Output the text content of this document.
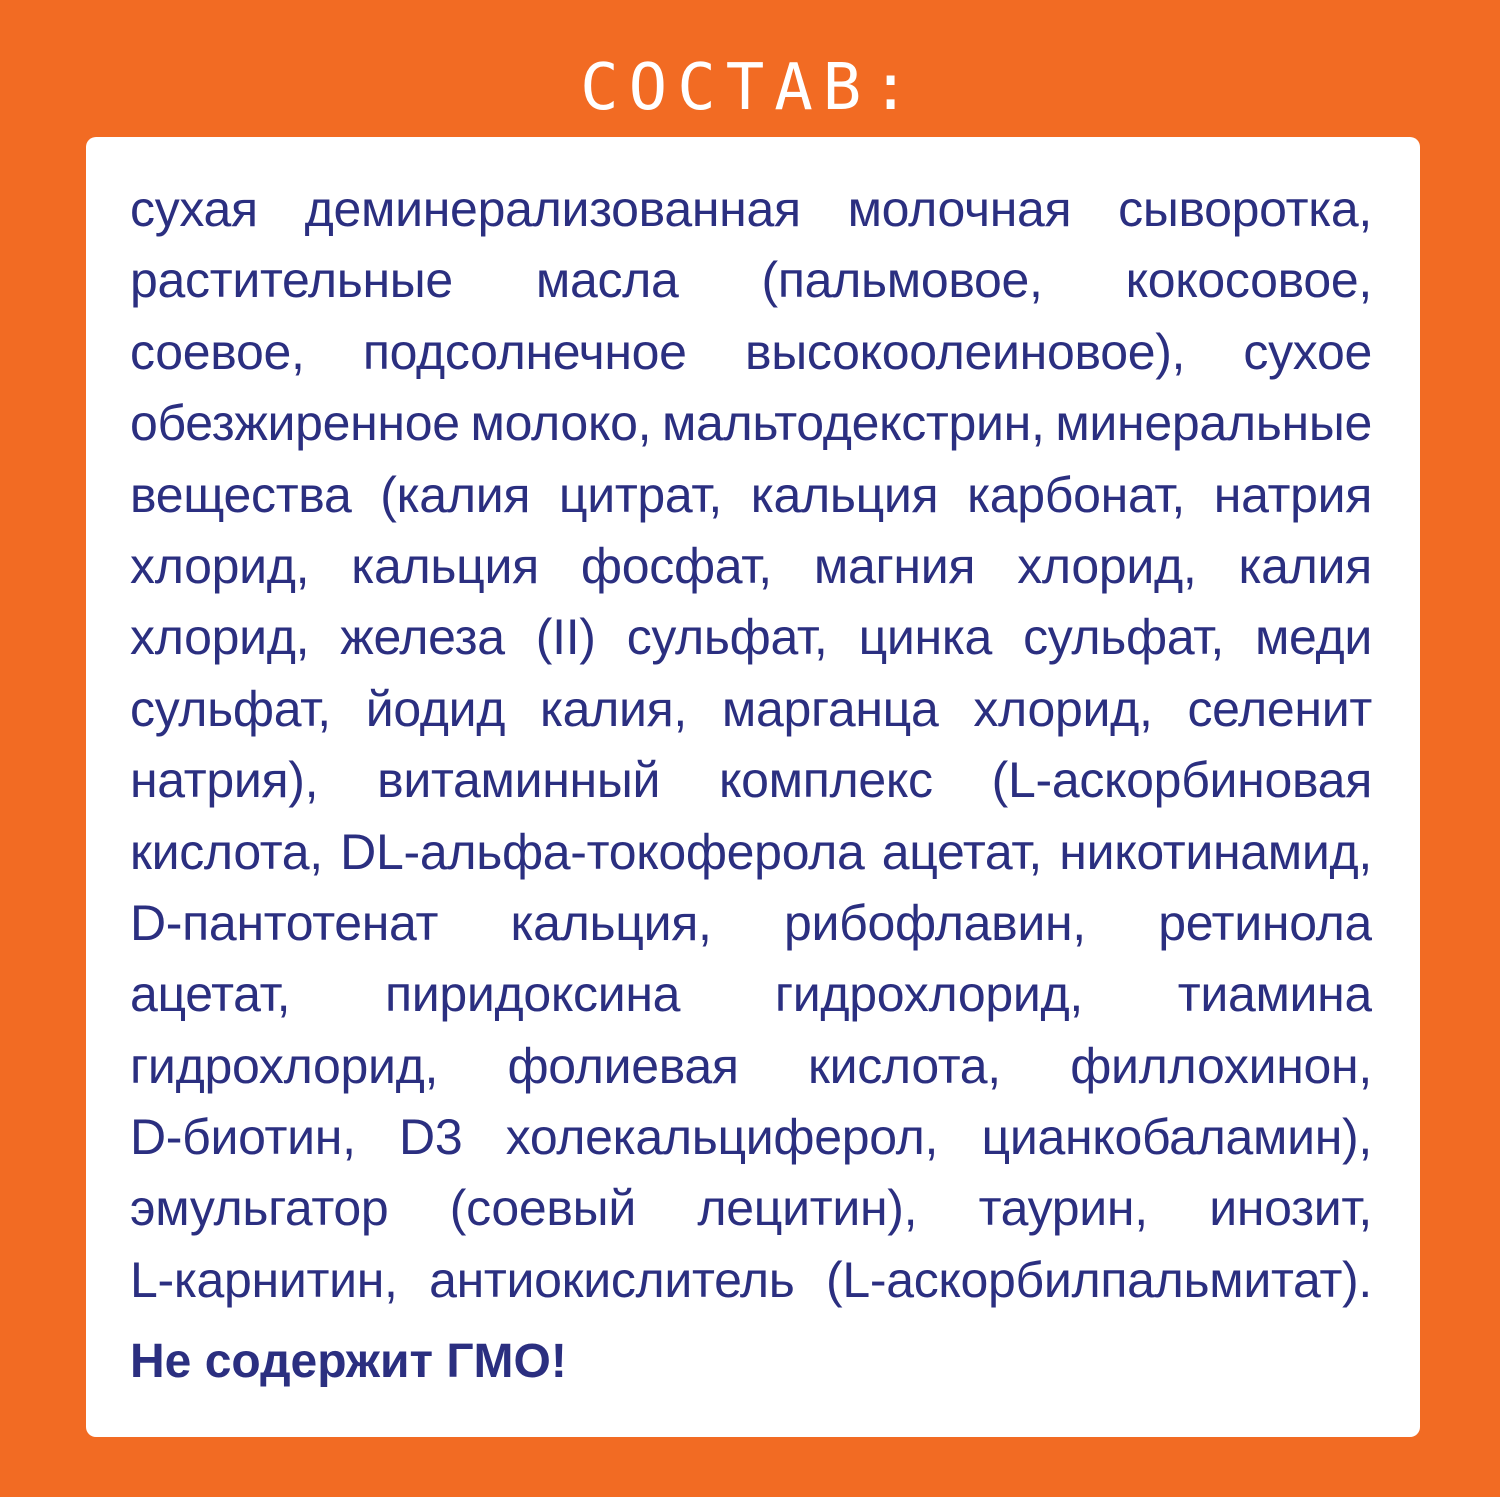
СОСТАВ:
сухая деминерализованная молочная сыворотка,
растительные масла (пальмовое, кокосовое,
соевое, подсолнечное высокоолеиновое), сухое
обезжиренное молоко, мальтодекстрин, минеральные
вещества (калия цитрат, кальция карбонат, натрия
хлорид, кальция фосфат, магния хлорид, калия
хлорид, железа (II) сульфат, цинка сульфат, меди
сульфат, йодид калия, марганца хлорид, селенит
натрия), витаминный комплекс (L-аскорбиновая
кислота, DL-альфа-токоферола ацетат, никотинамид,
D-пантотенат кальция, рибофлавин, ретинола
ацетат, пиридоксина гидрохлорид, тиамина
гидрохлорид, фолиевая кислота, филлохинон,
D-биотин, D3 холекальциферол, цианкобаламин),
эмульгатор (соевый лецитин), таурин, инозит,
L-карнитин, антиокислитель (L-аскорбилпальмитат).
Не содержит ГМО!
